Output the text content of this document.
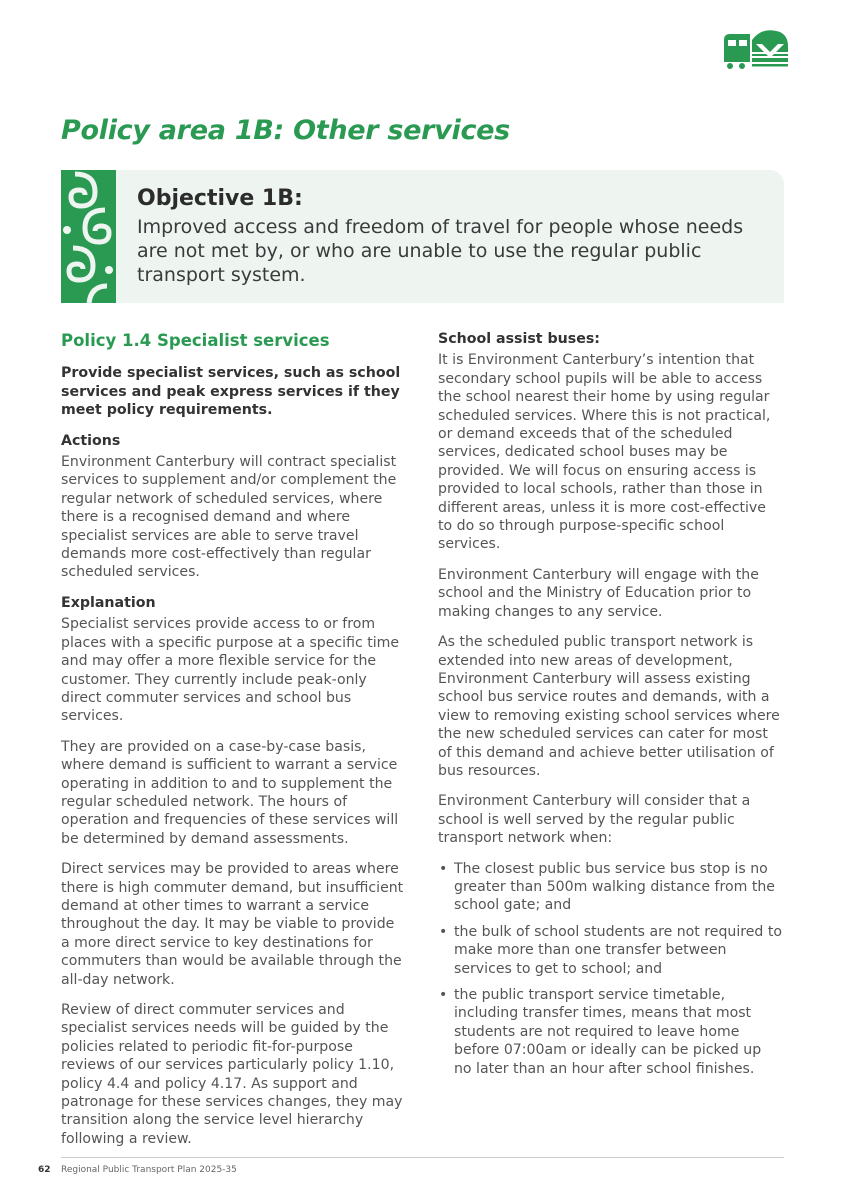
Policy area 1B: Other services
Objective 1B:

Improved access and freedom of travel for people whose needs are not met by, or who are unable to use the regular public transport system.

Policy 1.4 Specialist services

Provide specialist services, such as school services and peak express services if they meet policy requirements.

Actions

Environment Canterbury will contract specialist services to supplement and/or complement the regular network of scheduled services, where there is a recognised demand and where specialist services are able to serve travel demands more cost-effectively than regular scheduled services.

Explanation

Specialist services provide access to or from places with a specific purpose at a specific time and may offer a more flexible service for the customer. They currently include peak-only direct commuter services and school bus services.

They are provided on a case-by-case basis, where demand is sufficient to warrant a service operating in addition to and to supplement the regular scheduled network. The hours of operation and frequencies of these services will be determined by demand assessments.

Direct services may be provided to areas where there is high commuter demand, but insufficient demand at other times to warrant a service throughout the day. It may be viable to provide a more direct service to key destinations for commuters than would be available through the all-day network.

Review of direct commuter services and specialist services needs will be guided by the policies related to periodic fit-for-purpose reviews of our services particularly policy 1.10, policy 4.4 and policy 4.17. As support and patronage for these services changes, they may transition along the service level hierarchy following a review.

School assist buses:

It is Environment Canterbury’s intention that secondary school pupils will be able to access the school nearest their home by using regular scheduled services. Where this is not practical, or demand exceeds that of the scheduled services, dedicated school buses may be provided. We will focus on ensuring access is provided to local schools, rather than those in different areas, unless it is more cost-effective to do so through purpose-specific school services.

Environment Canterbury will engage with the school and the Ministry of Education prior to making changes to any service.

As the scheduled public transport network is extended into new areas of development, Environment Canterbury will assess existing school bus service routes and demands, with a view to removing existing school services where the new scheduled services can cater for most of this demand and achieve better utilisation of bus resources.

Environment Canterbury will consider that a school is well served by the regular public transport network when:

• The closest public bus service bus stop is no greater than 500m walking distance from the school gate; and
• the bulk of school students are not required to make more than one transfer between services to get to school; and
• the public transport service timetable, including transfer times, means that most students are not required to leave home before 07:00am or ideally can be picked up no later than an hour after school finishes.
62 Regional Public Transport Plan 2025-35
